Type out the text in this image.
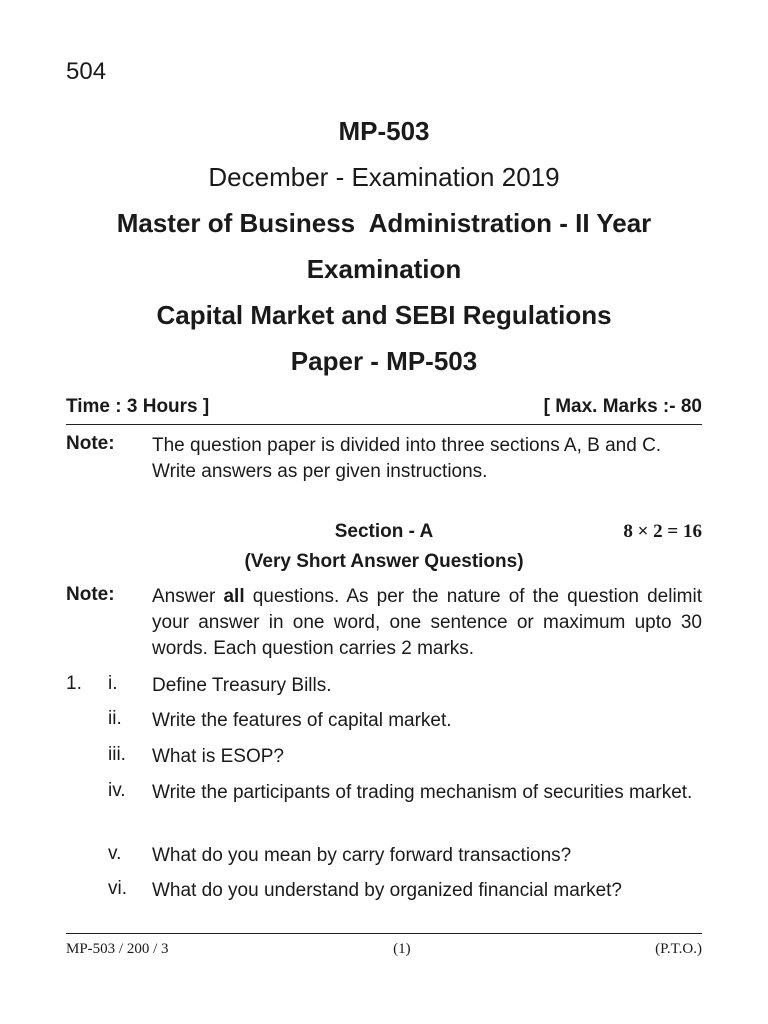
504
MP-503
December - Examination 2019
Master of Business  Administration - II Year
Examination
Capital Market and SEBI Regulations
Paper - MP-503
Time : 3 Hours ]	[ Max. Marks :- 80
Note: The question paper is divided into three sections A, B and C.
Write answers as per given instructions.
Section - A	8 × 2 = 16
(Very Short Answer Questions)
Note: Answer all questions. As per the nature of the question delimit your answer in one word, one sentence or maximum upto 30 words. Each question carries 2 marks.
1. i. Define Treasury Bills.
ii. Write the features of capital market.
iii. What is ESOP?
iv. Write the participants of trading mechanism of securities market.
v. What do you mean by carry forward transactions?
vi. What do you understand by organized financial market?
MP-503 / 200 / 3	(1)	(P.T.O.)
